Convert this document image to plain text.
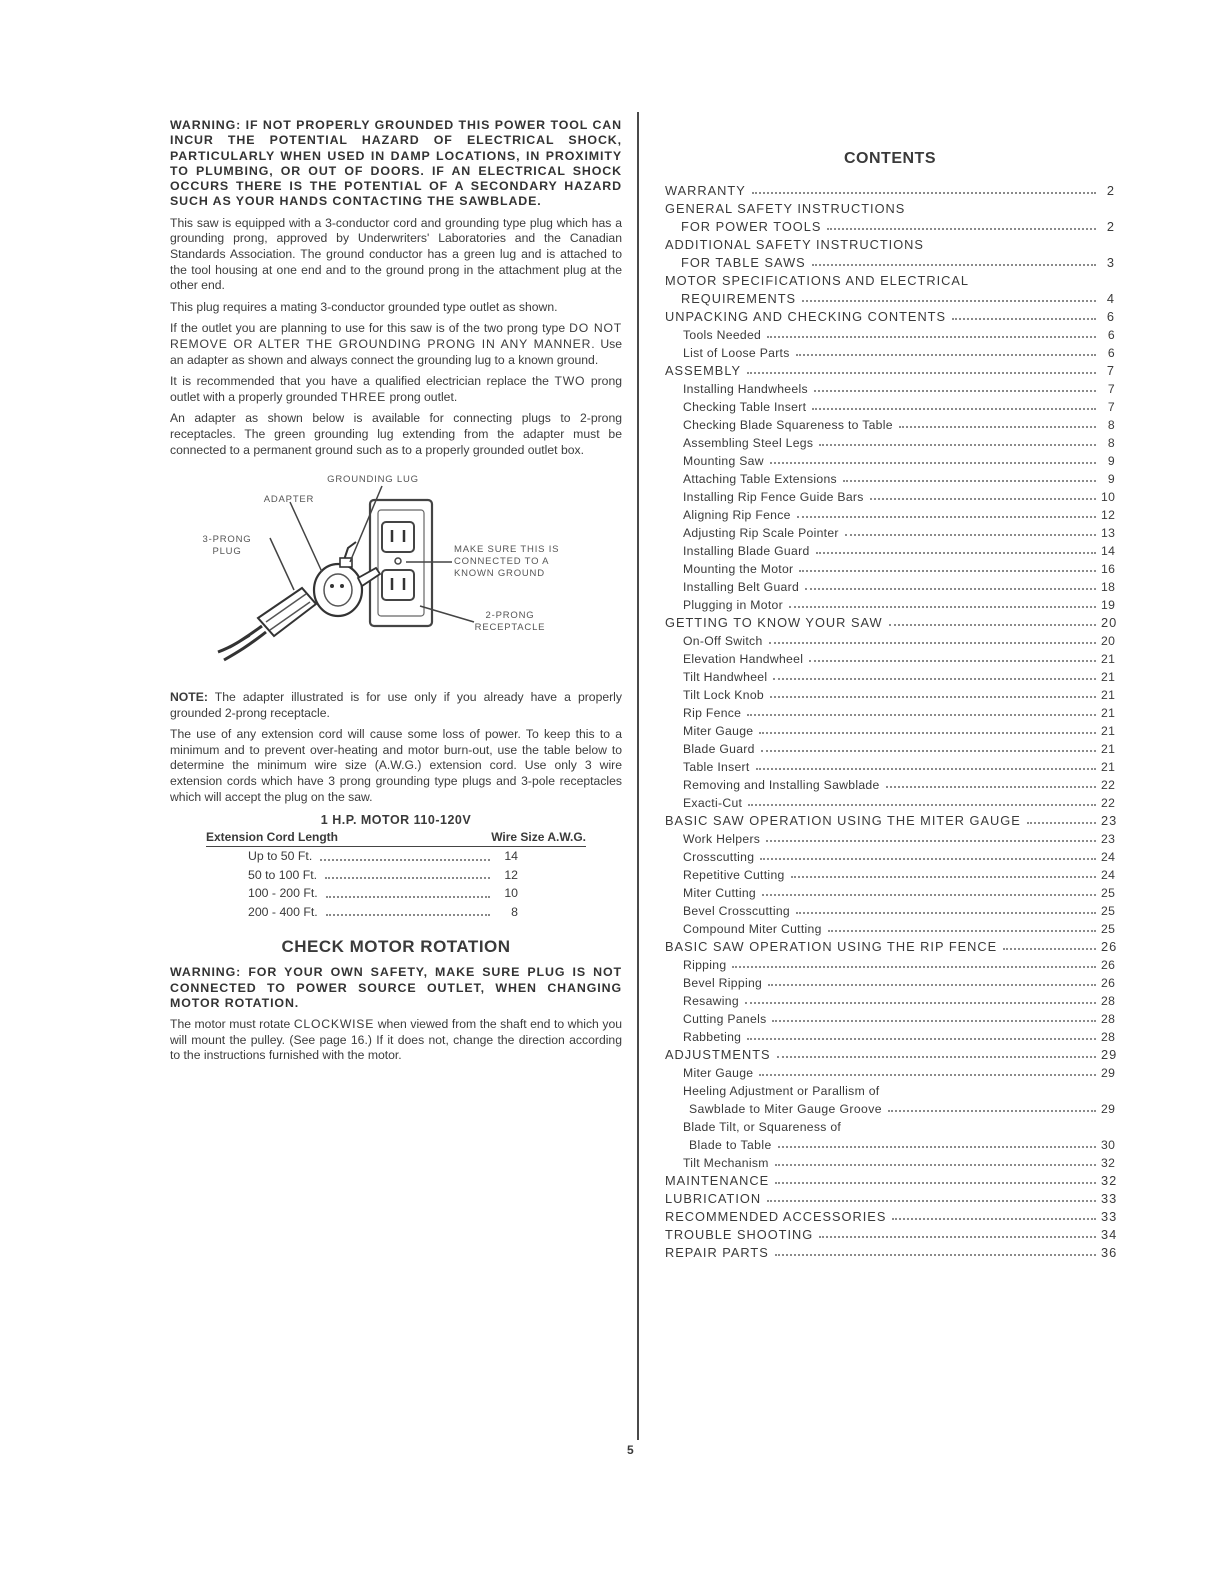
WARNING: IF NOT PROPERLY GROUNDED THIS POWER TOOL CAN INCUR THE POTENTIAL HAZARD OF ELECTRICAL SHOCK, PARTICULARLY WHEN USED IN DAMP LOCATIONS, IN PROXIMITY TO PLUMBING, OR OUT OF DOORS. IF AN ELECTRICAL SHOCK OCCURS THERE IS THE POTENTIAL OF A SECONDARY HAZARD SUCH AS YOUR HANDS CONTACTING THE SAWBLADE.

This saw is equipped with a 3-conductor cord and grounding type plug which has a grounding prong, approved by Underwriters' Laboratories and the Canadian Standards Association. The ground conductor has a green lug and is attached to the tool housing at one end and to the ground prong in the attachment plug at the other end.

This plug requires a mating 3-conductor grounded type outlet as shown.

If the outlet you are planning to use for this saw is of the two prong type DO NOT REMOVE OR ALTER THE GROUNDING PRONG IN ANY MANNER. Use an adapter as shown and always connect the grounding lug to a known ground.

It is recommended that you have a qualified electrician replace the TWO prong outlet with a properly grounded THREE prong outlet.

An adapter as shown below is available for connecting plugs to 2-prong receptacles. The green grounding lug extending from the adapter must be connected to a permanent ground such as to a properly grounded outlet box.

GROUNDING LUG
ADAPTER
3-PRONG PLUG	MAKE SURE THIS IS CONNECTED TO A KNOWN GROUND
2-PRONG RECEPTACLE

NOTE: The adapter illustrated is for use only if you already have a properly grounded 2-prong receptacle.

The use of any extension cord will cause some loss of power. To keep this to a minimum and to prevent over-heating and motor burn-out, use the table below to determine the minimum wire size (A.W.G.) extension cord. Use only 3 wire extension cords which have 3 prong grounding type plugs and 3-pole receptacles which will accept the plug on the saw.

1 H.P. MOTOR 110-120V
Extension Cord Length	Wire Size A.W.G.
Up to 50 Ft.	14
50 to 100 Ft.	12
100 - 200 Ft.	10
200 - 400 Ft.	8
CHECK MOTOR ROTATION

WARNING: FOR YOUR OWN SAFETY, MAKE SURE PLUG IS NOT CONNECTED TO POWER SOURCE OUTLET, WHEN CHANGING MOTOR ROTATION.

The motor must rotate CLOCKWISE when viewed from the shaft end to which you will mount the pulley. (See page 16.) If it does not, change the direction according to the instructions furnished with the motor.

CONTENTS
WARRANTY	2
GENERAL SAFETY INSTRUCTIONS
FOR POWER TOOLS	2
ADDITIONAL SAFETY INSTRUCTIONS
FOR TABLE SAWS	3
MOTOR SPECIFICATIONS AND ELECTRICAL
REQUIREMENTS	4
UNPACKING AND CHECKING CONTENTS	6
Tools Needed	6
List of Loose Parts	6
ASSEMBLY	7
Installing Handwheels	7
Checking Table Insert	7
Checking Blade Squareness to Table	8
Assembling Steel Legs	8
Mounting Saw	9
Attaching Table Extensions	9
Installing Rip Fence Guide Bars	10
Aligning Rip Fence	12
Adjusting Rip Scale Pointer	13
Installing Blade Guard	14
Mounting the Motor	16
Installing Belt Guard	18
Plugging in Motor	19
GETTING TO KNOW YOUR SAW	20
On-Off Switch	20
Elevation Handwheel	21
Tilt Handwheel	21
Tilt Lock Knob	21
Rip Fence	21
Miter Gauge	21
Blade Guard	21
Table Insert	21
Removing and Installing Sawblade	22
Exacti-Cut	22
BASIC SAW OPERATION USING THE MITER GAUGE	23
Work Helpers	23
Crosscutting	24
Repetitive Cutting	24
Miter Cutting	25
Bevel Crosscutting	25
Compound Miter Cutting	25
BASIC SAW OPERATION USING THE RIP FENCE	26
Ripping	26
Bevel Ripping	26
Resawing	28
Cutting Panels	28
Rabbeting	28
ADJUSTMENTS	29
Miter Gauge	29
Heeling Adjustment or Parallism of
Sawblade to Miter Gauge Groove	29
Blade Tilt, or Squareness of
Blade to Table	30
Tilt Mechanism	32
MAINTENANCE	32
LUBRICATION	33
RECOMMENDED ACCESSORIES	33
TROUBLE SHOOTING	34
REPAIR PARTS	36
5
